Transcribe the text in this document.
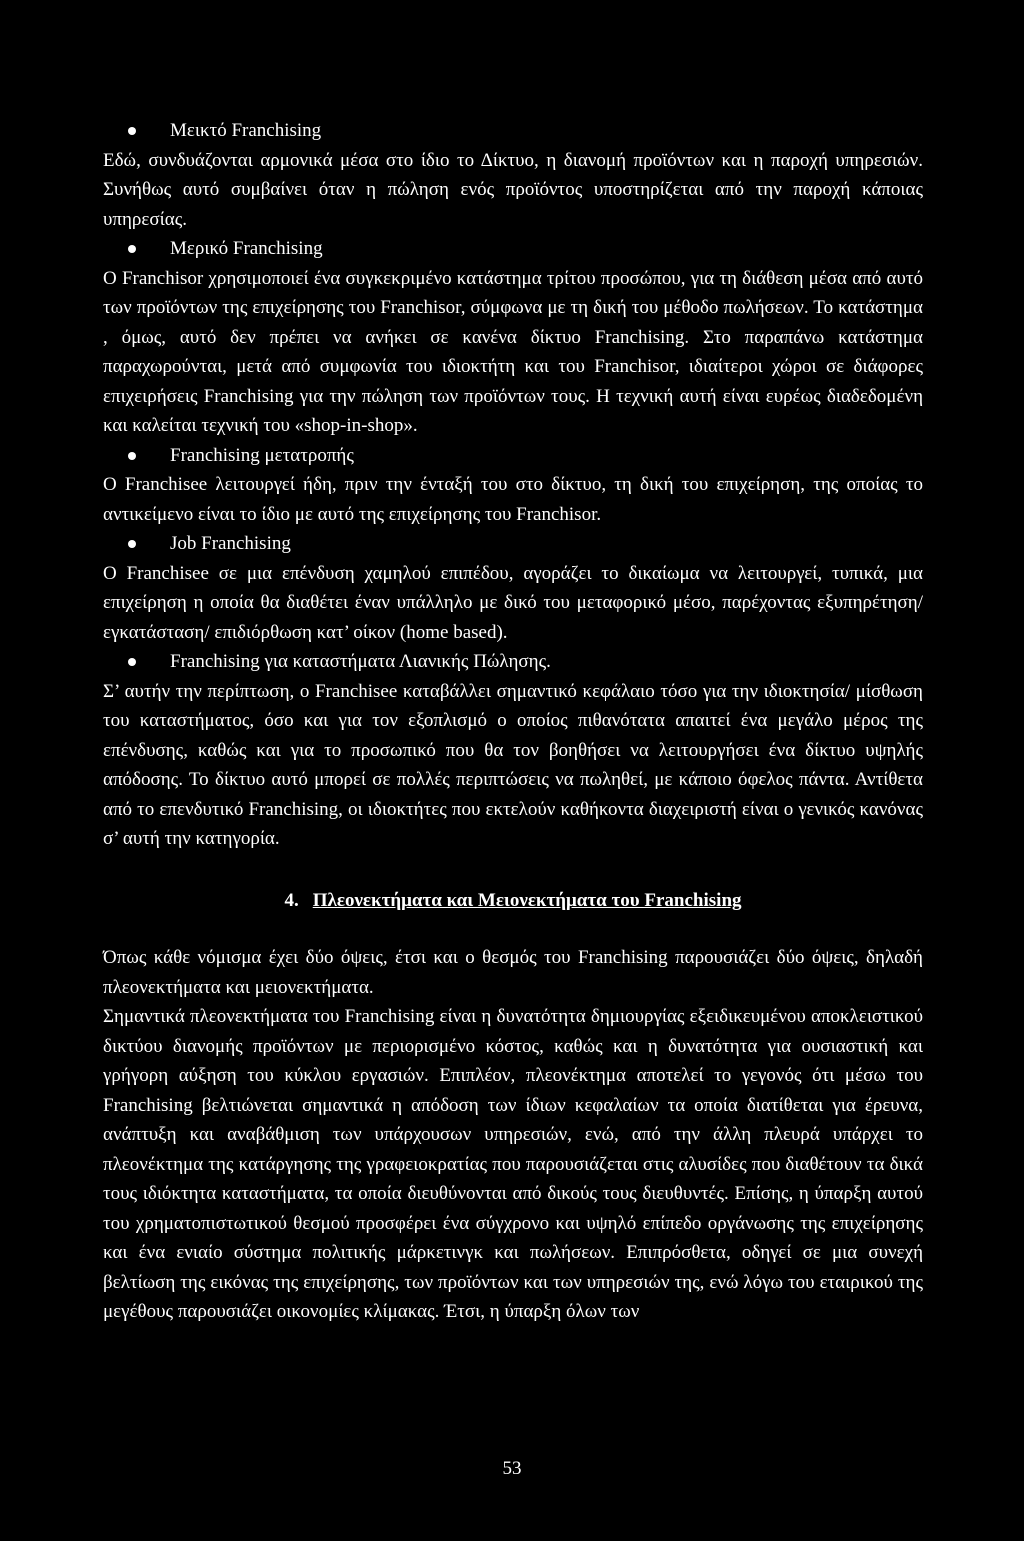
Μεικτό Franchising

Εδώ, συνδυάζονται αρμονικά μέσα στο ίδιο το Δίκτυο, η διανομή προϊόντων και η παροχή υπηρεσιών. Συνήθως αυτό συμβαίνει όταν η πώληση ενός προϊόντος υποστηρίζεται από την παροχή κάποιας υπηρεσίας.

Μερικό Franchising

Ο Franchisor χρησιμοποιεί ένα συγκεκριμένο κατάστημα τρίτου προσώπου, για τη διάθεση μέσα από αυτό των προϊόντων της επιχείρησης του Franchisor, σύμφωνα με τη δική του μέθοδο πωλήσεων. Το κατάστημα , όμως, αυτό δεν πρέπει να ανήκει σε κανένα δίκτυο Franchising. Στο παραπάνω κατάστημα παραχωρούνται, μετά από συμφωνία του ιδιοκτήτη και του Franchisor, ιδιαίτεροι χώροι σε διάφορες επιχειρήσεις Franchising για την πώληση των προϊόντων τους. Η τεχνική αυτή είναι ευρέως διαδεδομένη και καλείται τεχνική του «shop-in-shop».

Franchising μετατροπής

Ο Franchisee λειτουργεί ήδη, πριν την ένταξή του στο δίκτυο, τη δική του επιχείρηση, της οποίας το αντικείμενο είναι το ίδιο με αυτό της επιχείρησης του Franchisor.

Job Franchising

Ο Franchisee σε μια επένδυση χαμηλού επιπέδου, αγοράζει το δικαίωμα να λειτουργεί, τυπικά, μια επιχείρηση η οποία θα διαθέτει έναν υπάλληλο με δικό του μεταφορικό μέσο, παρέχοντας εξυπηρέτηση/ εγκατάσταση/ επιδιόρθωση κατ’ οίκον (home based).

Franchising για καταστήματα Λιανικής Πώλησης.

Σ’ αυτήν την περίπτωση, ο Franchisee καταβάλλει σημαντικό κεφάλαιο τόσο για την ιδιοκτησία/ μίσθωση του καταστήματος, όσο και για τον εξοπλισμό ο οποίος πιθανότατα απαιτεί ένα μεγάλο μέρος της επένδυσης, καθώς και για το προσωπικό που θα τον βοηθήσει να λειτουργήσει ένα δίκτυο υψηλής απόδοσης. Το δίκτυο αυτό μπορεί σε πολλές περιπτώσεις να πωληθεί, με κάποιο όφελος πάντα. Αντίθετα από το επενδυτικό Franchising, οι ιδιοκτήτες που εκτελούν καθήκοντα διαχειριστή είναι ο γενικός κανόνας σ’ αυτή την κατηγορία.

4. Πλεονεκτήματα και Μειονεκτήματα του Franchising

Όπως κάθε νόμισμα έχει δύο όψεις, έτσι και ο θεσμός του Franchising παρουσιάζει δύο όψεις, δηλαδή πλεονεκτήματα και μειονεκτήματα.

Σημαντικά πλεονεκτήματα του Franchising είναι η δυνατότητα δημιουργίας εξειδικευμένου αποκλειστικού δικτύου διανομής προϊόντων με περιορισμένο κόστος, καθώς και η δυνατότητα για ουσιαστική και γρήγορη αύξηση του κύκλου εργασιών. Επιπλέον, πλεονέκτημα αποτελεί το γεγονός ότι μέσω του Franchising βελτιώνεται σημαντικά η απόδοση των ίδιων κεφαλαίων τα οποία διατίθεται για έρευνα, ανάπτυξη και αναβάθμιση των υπάρχουσων υπηρεσιών, ενώ, από την άλλη πλευρά υπάρχει το πλεονέκτημα της κατάργησης της γραφειοκρατίας που παρουσιάζεται στις αλυσίδες που διαθέτουν τα δικά τους ιδιόκτητα καταστήματα, τα οποία διευθύνονται από δικούς τους διευθυντές. Επίσης, η ύπαρξη αυτού του χρηματοπιστωτικού θεσμού προσφέρει ένα σύγχρονο και υψηλό επίπεδο οργάνωσης της επιχείρησης και ένα ενιαίο σύστημα πολιτικής μάρκετινγκ και πωλήσεων. Επιπρόσθετα, οδηγεί σε μια συνεχή βελτίωση της εικόνας της επιχείρησης, των προϊόντων και των υπηρεσιών της, ενώ λόγω του εταιρικού της μεγέθους παρουσιάζει οικονομίες κλίμακας. Έτσι, η ύπαρξη όλων των

53
